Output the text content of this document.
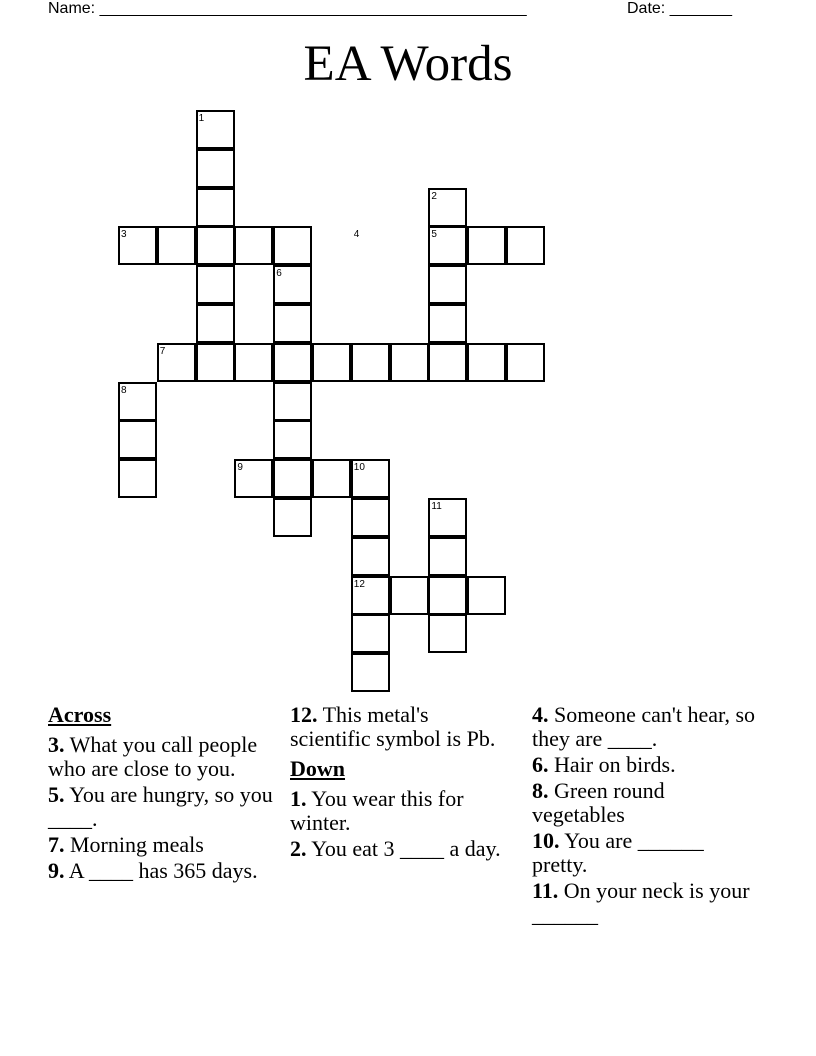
Name: ________________________________________________	Date: _______
EA Words
1
2
3	4	5
6
7
8
9	10
11
12
Across
3. What you call people who are close to you.
5. You are hungry, so you ____.
7. Morning meals
9. A ____ has 365 days.
12. This metal's scientific symbol is Pb.
Down
1. You wear this for winter.
2. You eat 3 ____ a day.
4. Someone can't hear, so they are ____.
6. Hair on birds.
8. Green round vegetables
10. You are ______ pretty.
11. On your neck is your ______
